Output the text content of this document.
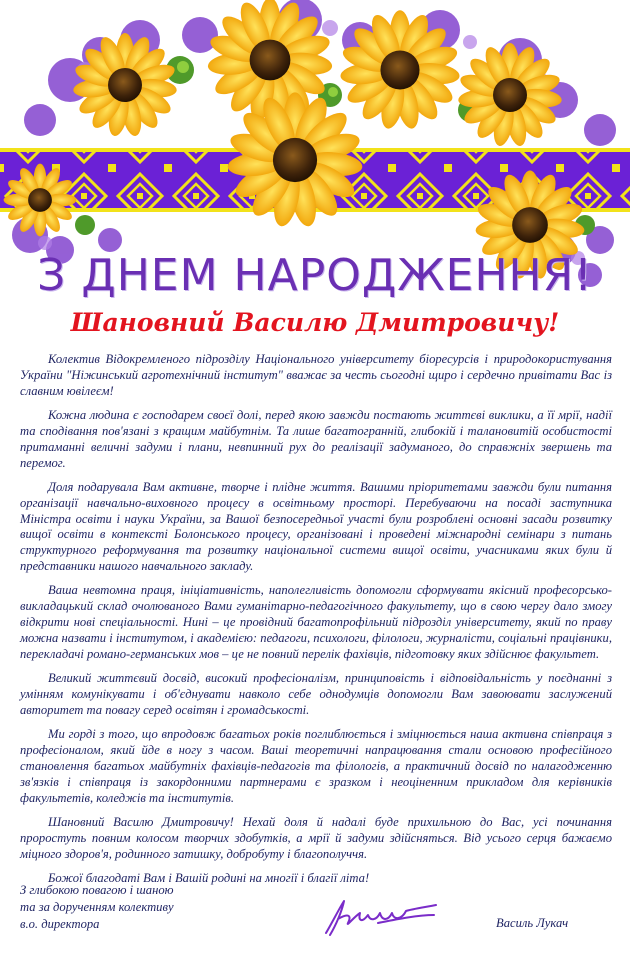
З ДНЕМ НАРОДЖЕННЯ!
Шановний Василю Дмитровичу!

Колектив Відокремленого підрозділу Національного університету біоресурсів і природокористування України "Ніжинський агротехнічний інститут" вважає за честь сьогодні щиро і сердечно привітати Вас із славним ювілеєм!

Кожна людина є господарем своєї долі, перед якою завжди постають життєві виклики, а її мрії, надії та сподівання пов'язані з кращим майбутнім. Та лише багатогранній, глибокій і талановитій особистості притаманні величні задуми і плани, невпинний рух до реалізації задуманого, до справжніх звершень та перемог.

Доля подарувала Вам активне, творче і плідне життя. Вашими пріоритетами завжди були питання організації навчально-виховного процесу в освітньому просторі. Перебуваючи на посаді заступника Міністра освіти і науки України, за Вашої безпосередньої участі були розроблені основні засади розвитку вищої освіти в контексті Болонського процесу, організовані і проведені міжнародні семінари з питань структурного реформування та розвитку національної системи вищої освіти, учасниками яких були й представники нашого навчального закладу.

Ваша невтомна праця, ініціативність, наполегливість допомогли сформувати якісний професорсько-викладацький склад очолюваного Вами гуманітарно-педагогічного факультету, що в свою чергу дало змогу відкрити нові спеціальності. Нині – це провідний багатопрофільний підрозділ університету, який по праву можна назвати і інститутом, і академією: педагоги, психологи, філологи, журналісти, соціальні працівники, перекладачі романо-германських мов – це не повний перелік фахівців, підготовку яких здійснює факультет.

Великий життєвий досвід, високий професіоналізм, принциповість і відповідальність у поєднанні з умінням комунікувати і об'єднувати навколо себе однодумців допомогли Вам завоювати заслужений авторитет та повагу серед освітян і громадськості.

Ми горді з того, що впродовж багатьох років поглиблюється і зміцнюється наша активна співпраця з професіоналом, який йде в ногу з часом. Ваші теоретичні напрацювання стали основою професійного становлення багатьох майбутніх фахівців-педагогів та філологів, а практичний досвід по налагодженню зв'язків і співпраця із закордонними партнерами є зразком і неоціненним прикладом для керівників факультетів, коледжів та інститутів.

Шановний Василю Дмитровичу! Нехай доля й надалі буде прихильною до Вас, усі починання проростуть повним колосом творчих здобутків, а мрії й задуми здійсняться. Від усього серця бажаємо міцного здоров'я, родинного затишку, добробуту і благополуччя.

Божої благодаті Вам і Вашій родині на многії і благії літа!

З глибокою повагою і шаною
та за дорученням колективу
в.о. директора	Василь Лукач
